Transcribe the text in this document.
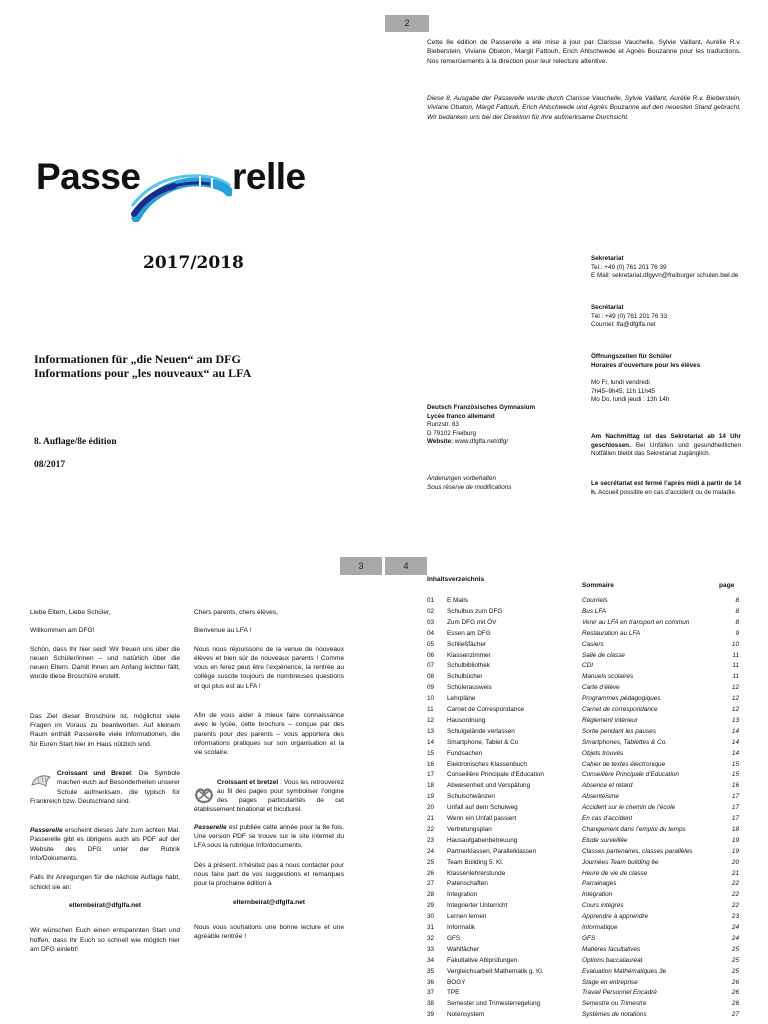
2

Cette 8e édition de Passerelle a été mise à jour par Clarisse Vauchelle, Sylvie Vaillant, Aurélie R.v. Bieberstein, Viviane Obaton, Margit Fattouh, Erich Ahlschwede et Agnès Bouzanne pour les traductions. Nos remerciements à la direction pour leur relecture attentive.

Diese 8. Ausgabe der Passerelle wurde durch Clarisse Vauchelle, Sylvie Vaillant, Aurélie R.v. Bieberstein, Viviane Obaton, Margit Fattouh, Erich Ahlschwede und Agnès Bouzanne auf den neuesten Stand gebracht. Wir bedanken uns bei der Direktion für ihre aufmerksame Durchsicht.

Passe relle
2017/2018
Informationen für „die Neuen“ am DFG
Informations pour „les nouveaux“ au LFA
8. Auflage/8e édition
08/2017

Deutsch Französisches Gymnasium

Lycée franco allemand

Runzstr. 83

D 79102 Freiburg

Website: www.dfglfa.net/dfg/

Änderungen vorbehalten

Sous réserve de modifications

Sekretariat

Tel.: +49 (0) 761 201 76 39

E Mail: sekretariat.dfgyvn@freiburger schulen.bwl.de

Secrétariat

Tél : +49 (0) 761 201 76 33

Courriel: lfa@dfglfa.net

Öffnungszeiten für Schüler

Horaires d’ouverture pour les élèves

Mo Fr, lundi vendredi

7h45–9h45, 11h 11h45

Mo Do, lundi jeudi : 13h 14h

Am Nachmittag ist das Sekretariat ab 14 Uhr geschlossen. Bei Unfällen und gesundheitlichen Notfällen bleibt das Sekretariat zugänglich.

Le secrétariat est fermé l’après midi à partir de 14 h. Accueil possible en cas d’accident ou de maladie.

3	4

Liebe Eltern, Liebe Schüler,

Willkommen am DFG!

Schön, dass Ihr hier seid! Wir freuen uns über die neuen Schüler/innen – und natürlich über die neuen Eltern. Damit Ihnen am Anfang leichter fällt, wurde diese Broschüre erstellt.

Das Ziel dieser Broschüre ist, möglichst viele Fragen im Voraus zu beantworten. Auf kleinem Raum enthält Passerelle viele Informationen, die für Euren Start hier im Haus nützlich sind.

Croissant und Brezel: Die Symbole machen euch auf Besonderheiten unserer Schule aufmerksam, die typisch für Frankreich bzw. Deutschland sind.

Passerelle erscheint dieses Jahr zum achten Mal. Passerelle gibt es übrigens auch als PDF auf der Website des DFG unter der Rubrik Info/Dokuments.

Falls Ihr Anregungen für die nächste Auflage habt, schickt sie an:

elternbeirat@dfglfa.net

Wir wünschen Euch einen entspannten Start und hoffen, dass Ihr Euch so schnell wie möglich hier am DFG einlebt!

Chers parents, chers élèves,

Bienvenue au LFA !

Nous nous réjouissons de la venue de nouveaux élèves et bien sûr de nouveaux parents ! Comme vous en ferez peut être l’expérience, la rentrée au collège suscite toujours de nombreuses questions et qui plus est au LFA !

Afin de vous aider à mieux faire connaissance avec le lycée, cette brochure – conçue par des parents pour des parents – vous apportera des informations pratiques sur son organisation et la vie scolaire.

Croissant et bretzel : Vous les retrouverez au fil des pages pour symboliser l’origine des pages particularités de cet établissement binational et biculturel.

Passerelle est publiée cette année pour la 8e fois. Une version PDF se trouve sur le site internet du LFA sous la rubrique Info/documents.

Dès à présent, n’hésitez pas à nous contacter pour nous faire part de vos suggestions et remarques pour la prochaine édition à

elternbeirat@dfglfa.net

Nous vous souhaitons une bonne lecture et une agréable rentrée !

Inhaltsverzeichnis
Sommaire	page
01 E Mails	Courriels	8
02 Schulbus zum DFG	Bus LFA	8
03 Zum DFG mit ÖV	Venir au LFA en transport en commun	8
04 Essen am DFG	Restauration au LFA	9
05 Schließfächer	Casiers	10
06 Klassenzimmer	Salle de classe	11
07 Schulbibliothek	CDI	11
08 Schulbücher	Manuels scolaires	11
09 Schülerausweis	Carte d’élève	12
10 Lehrpläne	Programmes pédagogiques	12
11 Carnet de Correspondance	Carnet de correspondance	12
12 Hausordnung	Règlement intérieur	13
13 Schulgelände verlassen	Sortie pendant les pauses	14
14 Smartphone, Tablet & Co	Smartphones, Tablettes & Co.	14
15 Fundsachen	Objets trouvés	14
16 Elektronisches Klassenbuch	Cahier de textes électronique	15
17 Conseillère Principale d’Education	Conseillère Principale d’Education	15
18 Abwesenheit und Verspätung	Absence et retard	16
19 Schulschwänzen	Absentéisme	17
20 Unfall auf dem Schulweg	Accident sur le chemin de l’école	17
21 Wenn ein Unfall passiert	En cas d’accident	17
22 Vertretungsplan	Changement dans l’emploi du temps	18
23 Hausaufgabenbetreuung	Etude surveillée	19
24 Partnerklassen, Parallelklassen	Classes partenaires, classes parallèles	19
25 Team Building 5. Kl.	Journées Team building 6e	20
26 Klassenlehrerstunde	Heure de vie de classe	21
27 Patenschaften	Parrainages	22
28 Integration	Intégration	22
29 Integrierter Unterricht	Cours intégrés	22
30 Lernen lernen	Apprendre à apprendre	23
31 Informatik	Informatique	24
32 GFS	GFS	24
33 Wahlfächer	Matières facultatives	25
34 Fakultative Abiprüfungen	Options baccalauréat	25
35 Vergleichsarbeit Mathematik g. Kl.	Evaluation Mathématiques 3e	25
36 BOGY	Stage en entreprise	26
37 TPE	Travail Personnel Encadré	26
38 Semester und Trimesterregelung	Semestre ou Trimestre	26
39 Notensystem	Systèmes de notations	27
